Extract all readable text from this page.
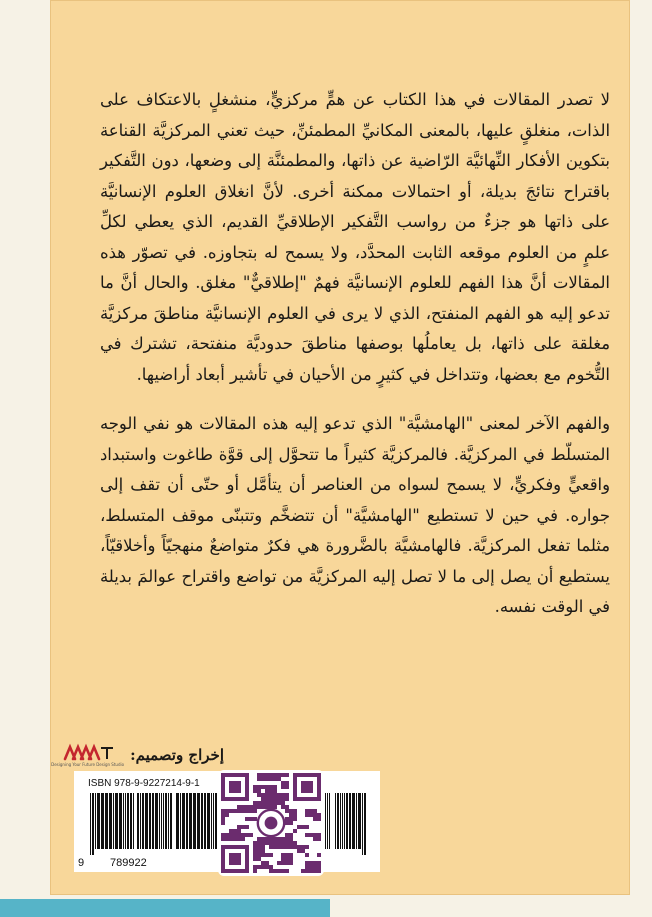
لا تصدر المقالات في هذا الكتاب عن همٍّ مركزيٍّ، منشغلٍ بالاعتكاف على الذات، منغلقٍ عليها، بالمعنى المكانيِّ المطمئنِّ، حيث تعني المركزيَّة القناعة بتكوين الأفكار النِّهائيَّة الرّاضية عن ذاتها، والمطمئنَّة إلى وضعها، دون التَّفكير باقتراح نتائجَ بديلة، أو احتمالات ممكنة أخرى. لأنَّ انغلاق العلوم الإنسانيَّة على ذاتها هو جزءٌ من رواسب التَّفكير الإطلاقيِّ القديم، الذي يعطي لكلِّ علمٍ من العلوم موقعه الثابت المحدَّد، ولا يسمح له بتجاوزه. في تصوّر هذه المقالات أنَّ هذا الفهم للعلوم الإنسانيَّة فهمٌ "إطلاقيٌّ" مغلق. والحال أنَّ ما تدعو إليه هو الفهم المنفتح، الذي لا يرى في العلوم الإنسانيَّة مناطقَ مركزيَّة مغلقة على ذاتها، بل يعاملُها بوصفها مناطقَ حدوديَّة منفتحة، تشترك في التُّخوم مع بعضها، وتتداخل في كثيرٍ من الأحيان في تأشير أبعاد أراضيها.

والفهم الآخر لمعنى "الهامشيَّة" الذي تدعو إليه هذه المقالات هو نفي الوجه المتسلّط في المركزيَّة. فالمركزيَّة كثيراً ما تتحوَّل إلى قوَّة طاغوت واستبداد واقعيٍّ وفكريٍّ، لا يسمح لسواه من العناصر أن يتأمَّل أو حتّى أن تقف إلى جواره. في حين لا تستطيع "الهامشيَّة" أن تتضخَّم وتتبنّى موقف المتسلط، مثلما تفعل المركزيَّة. فالهامشيَّة بالضَّرورة هي فكرٌ متواضعٌ منهجيّاً وأخلاقيّاً، يستطيع أن يصل إلى ما لا تصل إليه المركزيَّة من تواضع واقتراح عوالمَ بديلة في الوقت نفسه.

إخراج وتصميم:
Designing Your Future Design Studio
ISBN 978-9-9227214-9-1
9 789922
